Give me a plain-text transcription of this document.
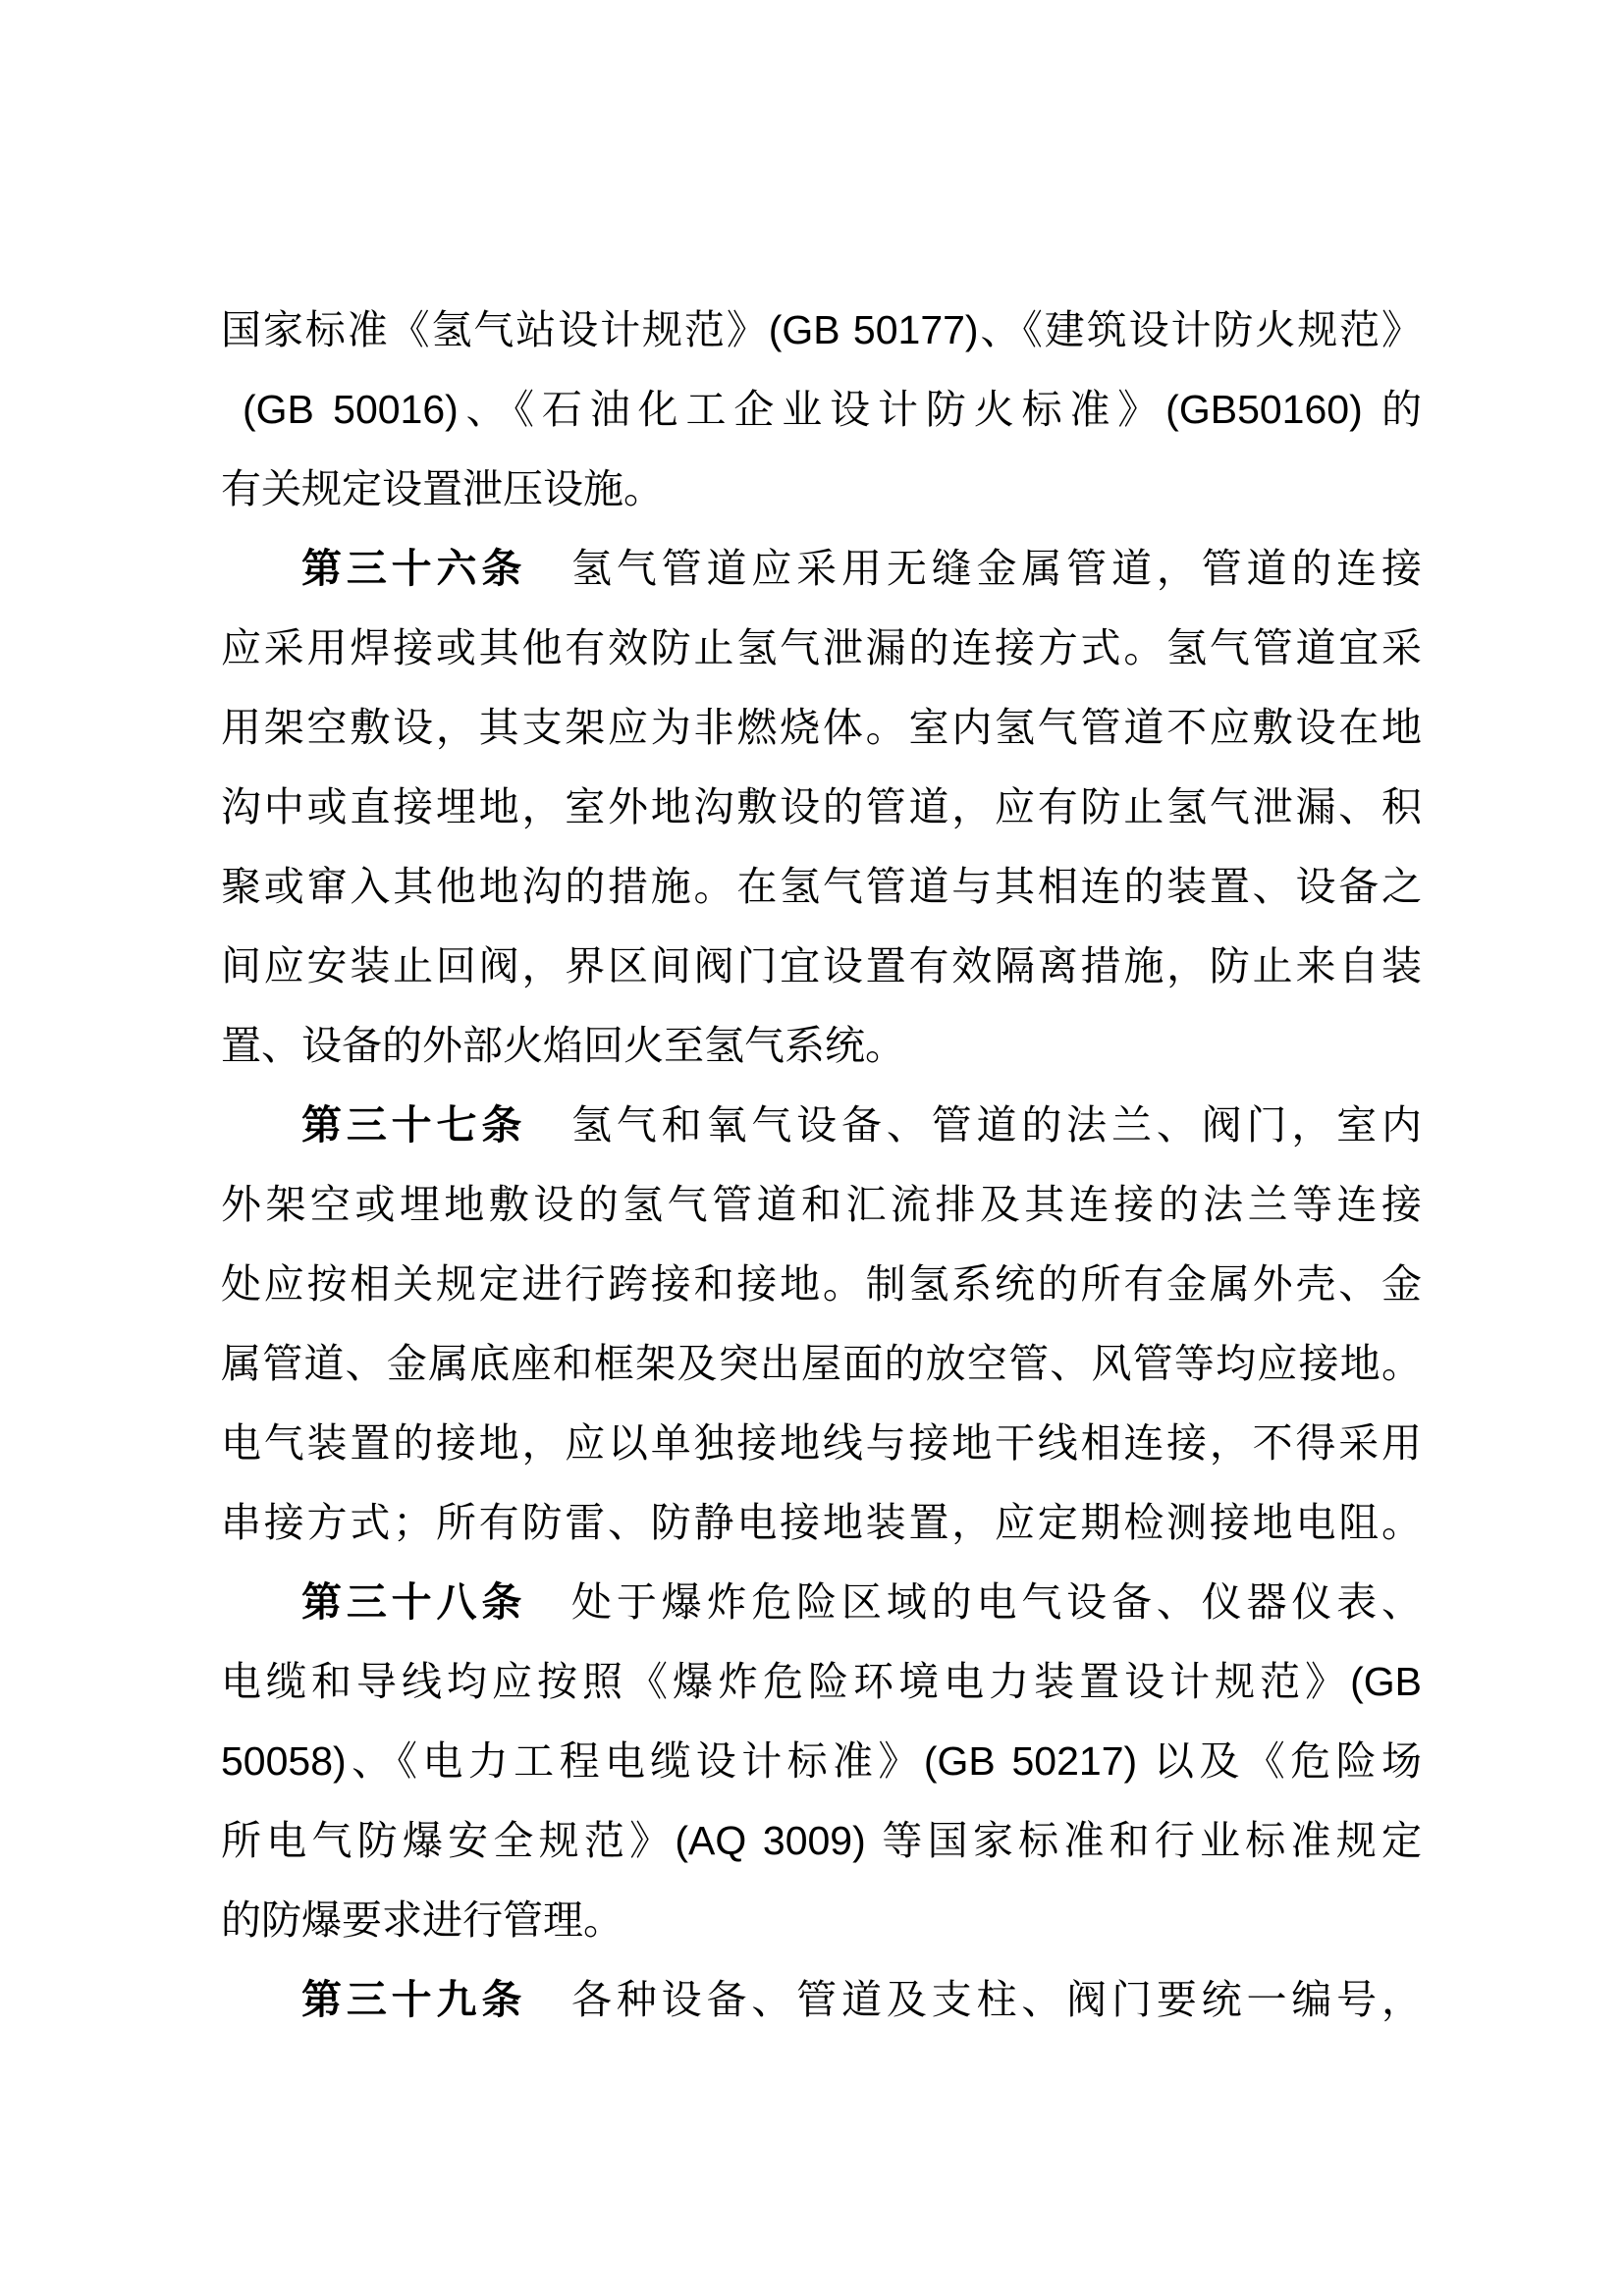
国家标准《氢气站设计规范》(GB 50177)、《建筑设计防火规范》
(GB 50016)、《石油化工企业设计防火标准》(GB50160) 的
有关规定设置泄压设施。
第三十六条　氢气管道应采用无缝金属管道，管道的连接
应采用焊接或其他有效防止氢气泄漏的连接方式。氢气管道宜采
用架空敷设，其支架应为非燃烧体。室内氢气管道不应敷设在地
沟中或直接埋地，室外地沟敷设的管道，应有防止氢气泄漏、积
聚或窜入其他地沟的措施。在氢气管道与其相连的装置、设备之
间应安装止回阀，界区间阀门宜设置有效隔离措施，防止来自装
置、设备的外部火焰回火至氢气系统。
第三十七条　氢气和氧气设备、管道的法兰、阀门，室内
外架空或埋地敷设的氢气管道和汇流排及其连接的法兰等连接
处应按相关规定进行跨接和接地。制氢系统的所有金属外壳、金
属管道、金属底座和框架及突出屋面的放空管、风管等均应接地。
电气装置的接地，应以单独接地线与接地干线相连接，不得采用
串接方式；所有防雷、防静电接地装置，应定期检测接地电阻。
第三十八条　处于爆炸危险区域的电气设备、仪器仪表、
电缆和导线均应按照《爆炸危险环境电力装置设计规范》(GB
50058)、《电力工程电缆设计标准》(GB 50217) 以及《危险场
所电气防爆安全规范》(AQ 3009) 等国家标准和行业标准规定
的防爆要求进行管理。
第三十九条　各种设备、管道及支柱、阀门要统一编号，
